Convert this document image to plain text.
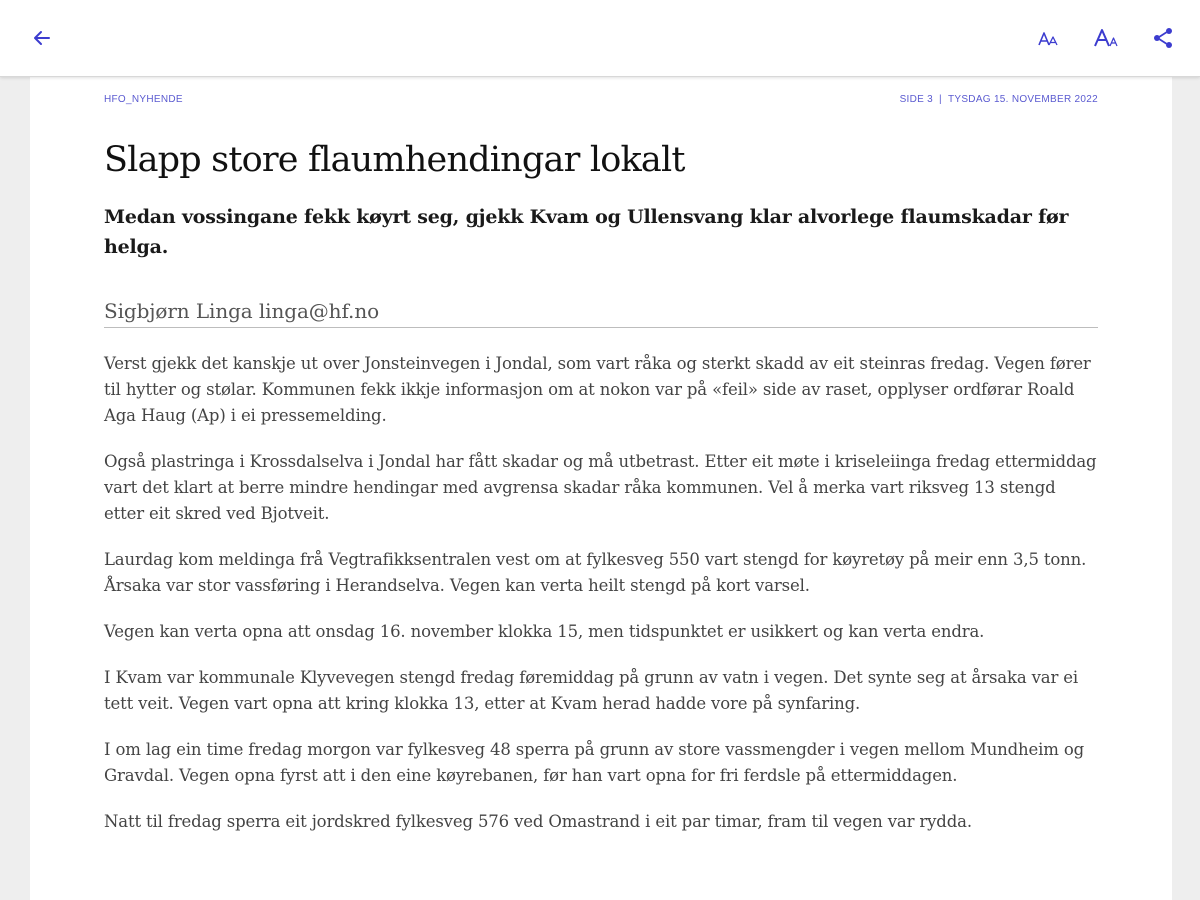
HFO_NYHENDE	SIDE 3 | TYSDAG 15. NOVEMBER 2022
Slapp store flaumhendingar lokalt

Medan vossingane fekk køyrt seg, gjekk Kvam og Ullensvang klar alvorlege flaumskadar før helga.

Sigbjørn Linga linga@hf.no

Verst gjekk det kanskje ut over Jonsteinvegen i Jondal, som vart råka og sterkt skadd av eit steinras fredag. Vegen fører til hytter og stølar. Kommunen fekk ikkje informasjon om at nokon var på «feil» side av raset, opplyser ordførar Roald Aga Haug (Ap) i ei pressemelding.

Også plastringa i Krossdalselva i Jondal har fått skadar og må utbetrast. Etter eit møte i kriseleiinga fredag ettermiddag vart det klart at berre mindre hendingar med avgrensa skadar råka kommunen. Vel å merka vart riksveg 13 stengd etter eit skred ved Bjotveit.

Laurdag kom meldinga frå Vegtrafikksentralen vest om at fylkesveg 550 vart stengd for køyretøy på meir enn 3,5 tonn. Årsaka var stor vassføring i Herandselva. Vegen kan verta heilt stengd på kort varsel.

Vegen kan verta opna att onsdag 16. november klokka 15, men tidspunktet er usikkert og kan verta endra.

I Kvam var kommunale Klyvevegen stengd fredag føremiddag på grunn av vatn i vegen. Det synte seg at årsaka var ei tett veit. Vegen vart opna att kring klokka 13, etter at Kvam herad hadde vore på synfaring.

I om lag ein time fredag morgon var fylkesveg 48 sperra på grunn av store vassmengder i vegen mellom Mundheim og Gravdal. Vegen opna fyrst att i den eine køyrebanen, før han vart opna for fri ferdsle på ettermiddagen.

Natt til fredag sperra eit jordskred fylkesveg 576 ved Omastrand i eit par timar, fram til vegen var rydda.
